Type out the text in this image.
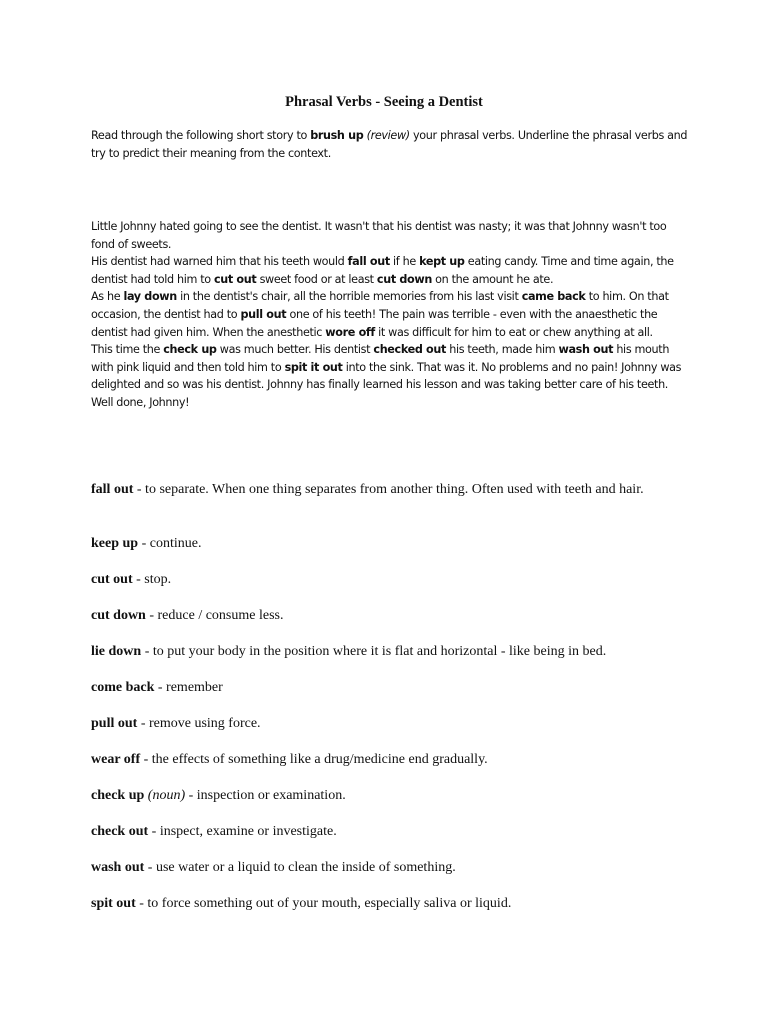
Phrasal Verbs - Seeing a Dentist
Read through the following short story to brush up (review) your phrasal verbs. Underline the phrasal verbs and try to predict their meaning from the context.

Little Johnny hated going to see the dentist. It wasn't that his dentist was nasty; it was that Johnny wasn't too fond of sweets.

His dentist had warned him that his teeth would fall out if he kept up eating candy. Time and time again, the dentist had told him to cut out sweet food or at least cut down on the amount he ate.

As he lay down in the dentist's chair, all the horrible memories from his last visit came back to him. On that occasion, the dentist had to pull out one of his teeth! The pain was terrible - even with the anaesthetic the dentist had given him. When the anesthetic wore off it was difficult for him to eat or chew anything at all.

This time the check up was much better. His dentist checked out his teeth, made him wash out his mouth with pink liquid and then told him to spit it out into the sink. That was it. No problems and no pain! Johnny was delighted and so was his dentist. Johnny has finally learned his lesson and was taking better care of his teeth. Well done, Johnny!

fall out - to separate. When one thing separates from another thing. Often used with teeth and hair.
keep up - continue.
cut out - stop.
cut down - reduce / consume less.
lie down - to put your body in the position where it is flat and horizontal - like being in bed.
come back - remember
pull out - remove using force.
wear off - the effects of something like a drug/medicine end gradually.
check up (noun) - inspection or examination.
check out - inspect, examine or investigate.
wash out - use water or a liquid to clean the inside of something.
spit out - to force something out of your mouth, especially saliva or liquid.
